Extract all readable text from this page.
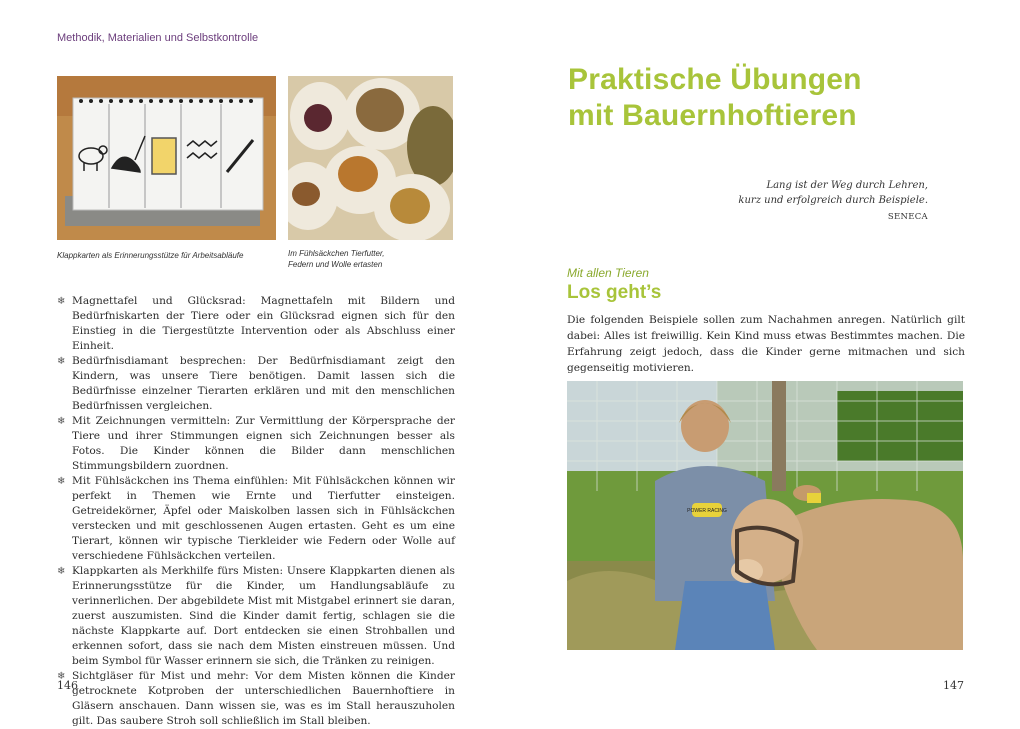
Methodik, Materialien und Selbstkontrolle
Klappkarten als Erinnerungsstütze für Arbeitsabläufe	Im Fühlsäckchen Tierfutter,
Federn und Wolle ertasten
❄ Magnettafel und Glücksrad: Magnettafeln mit Bildern und Bedürfniskarten der Tiere oder ein Glücksrad eignen sich für den Einstieg in die Tiergestützte Intervention oder als Abschluss einer Einheit.
❄ Bedürfnisdiamant besprechen: Der Bedürfnisdiamant zeigt den Kindern, was unsere Tiere benötigen. Damit lassen sich die Bedürfnisse einzelner Tierarten erklären und mit den menschlichen Bedürfnissen vergleichen.
❄ Mit Zeichnungen vermitteln: Zur Vermittlung der Körpersprache der Tiere und ihrer Stimmungen eignen sich Zeichnungen besser als Fotos. Die Kinder können die Bilder dann menschlichen Stimmungsbildern zuordnen.
❄ Mit Fühlsäckchen ins Thema einfühlen: Mit Fühlsäckchen können wir perfekt in Themen wie Ernte und Tierfutter einsteigen. Getreidekörner, Äpfel oder Maiskolben lassen sich in Fühlsäckchen verstecken und mit geschlossenen Augen ertasten. Geht es um eine Tierart, können wir typische Tierkleider wie Federn oder Wolle auf verschiedene Fühlsäckchen verteilen.
❄ Klappkarten als Merkhilfe fürs Misten: Unsere Klappkarten dienen als Erinnerungsstütze für die Kinder, um Handlungsabläufe zu verinnerlichen. Der abgebildete Mist mit Mistgabel erinnert sie daran, zuerst auszumisten. Sind die Kinder damit fertig, schlagen sie die nächste Klappkarte auf. Dort entdecken sie einen Strohballen und erkennen sofort, dass sie nach dem Misten einstreuen müssen. Und beim Symbol für Wasser erinnern sie sich, die Tränken zu reinigen.
❄ Sichtgläser für Mist und mehr: Vor dem Misten können die Kinder getrocknete Kotproben der unterschiedlichen Bauernhoftiere in Gläsern anschauen. Dann wissen sie, was es im Stall herauszuholen gilt. Das saubere Stroh soll schließlich im Stall bleiben.
146
Praktische Übungen
mit Bauernhoftieren
Lang ist der Weg durch Lehren,
kurz und erfolgreich durch Beispiele.
SENECA
Mit allen Tieren
Los geht’s

Die folgenden Beispiele sollen zum Nachahmen anregen. Natürlich gilt dabei: Alles ist freiwillig. Kein Kind muss etwas Bestimmtes machen. Die Erfahrung zeigt jedoch, dass die Kinder gerne mitmachen und sich gegenseitig motivieren.

POWER RACING
147
